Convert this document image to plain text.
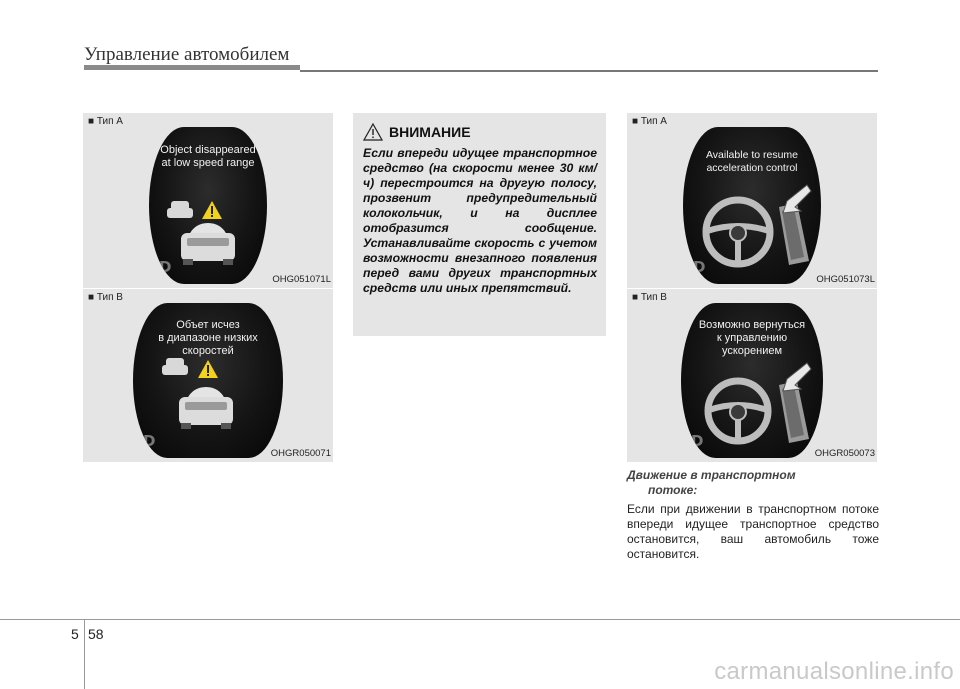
Управление автомобилем
■ Тип A
Object disappeared
at low speed range
D
OHG051071L
■ Тип B
Объет исчез
в диапазоне низких
скоростей
D
OHGR050071
ВНИМАНИЕ
Если впереди идущее транспортное средство (на скорости менее 30 км/ч) перестроится на другую полосу, прозвенит предупредительный колокольчик, и на дисплее отобразится сообщение. Устанавливайте скорость с учетом возможности внезапного появления перед вами других транспортных средств или иных препятствий.
■ Тип A
Available to resume
acceleration control
D
OHG051073L
■ Тип B
Возможно вернуться
к управлению
ускорением
D
OHGR050073
Движение в транспортном
потоке:
Если при движении в транспортном потоке впереди идущее транспортное средство остановится, ваш автомобиль тоже остановится.
5 58
carmanualsonline.info
